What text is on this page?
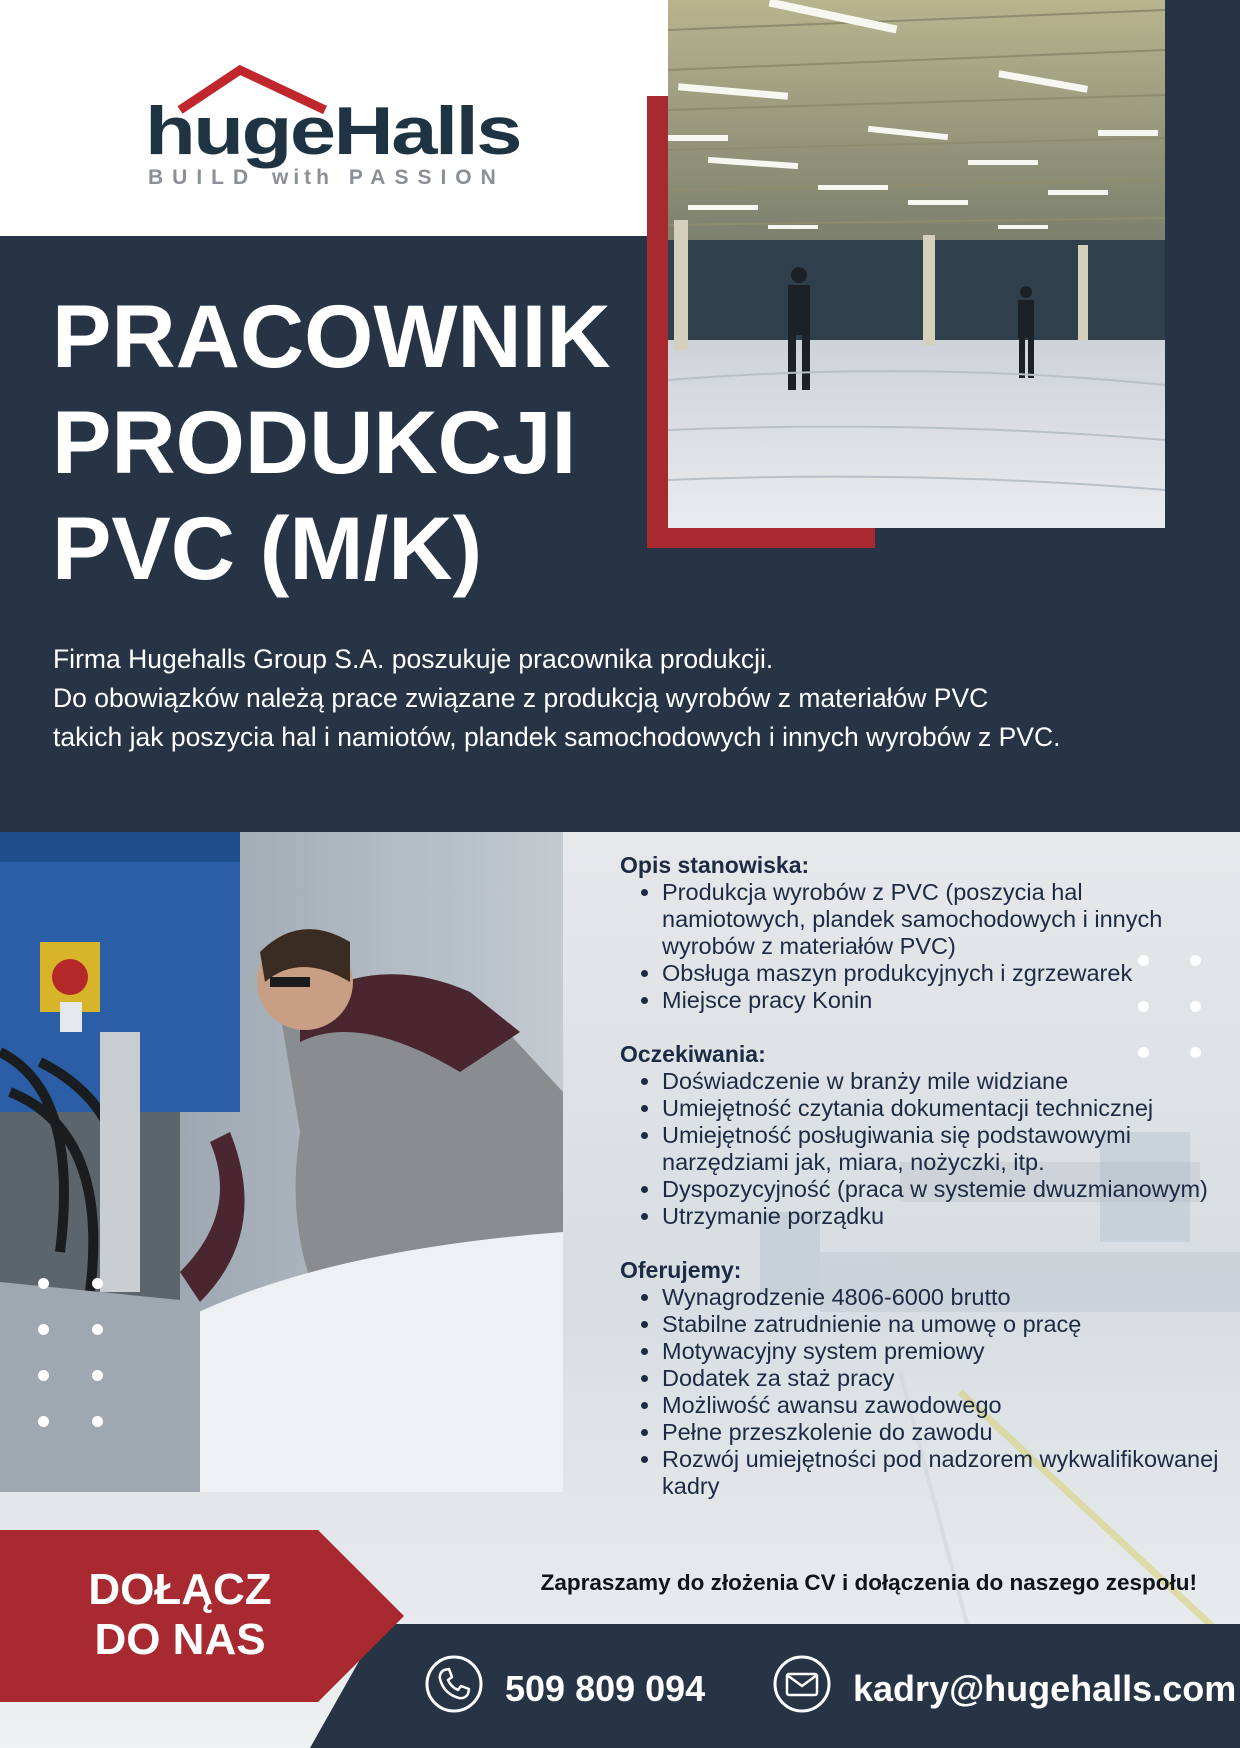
hugeHalls
BUILD with PASSION
PRACOWNIK
PRODUKCJI
PVC (M/K)
Firma Hugehalls Group S.A. poszukuje pracownika produkcji.
Do obowiązków należą prace związane z produkcją wyrobów z materiałów PVC
takich jak poszycia hal i namiotów, plandek samochodowych i innych wyrobów z PVC.
Opis stanowiska:
• Produkcja wyrobów z PVC (poszycia hal namiotowych, plandek samochodowych i innych wyrobów z materiałów PVC)
• Obsługa maszyn produkcyjnych i zgrzewarek
• Miejsce pracy Konin
Oczekiwania:
• Doświadczenie w branży mile widziane
• Umiejętność czytania dokumentacji technicznej
• Umiejętność posługiwania się podstawowymi narzędziami jak, miara, nożyczki, itp.
• Dyspozycyjność (praca w systemie dwuzmianowym)
• Utrzymanie porządku
Oferujemy:
• Wynagrodzenie 4806-6000 brutto
• Stabilne zatrudnienie na umowę o pracę
• Motywacyjny system premiowy
• Dodatek za staż pracy
• Możliwość awansu zawodowego
• Pełne przeszkolenie do zawodu
• Rozwój umiejętności pod nadzorem wykwalifikowanej kadry
Zapraszamy do złożenia CV i dołączenia do naszego zespołu!
DOŁĄCZ
DO NAS
509 809 094	kadry@hugehalls.com
